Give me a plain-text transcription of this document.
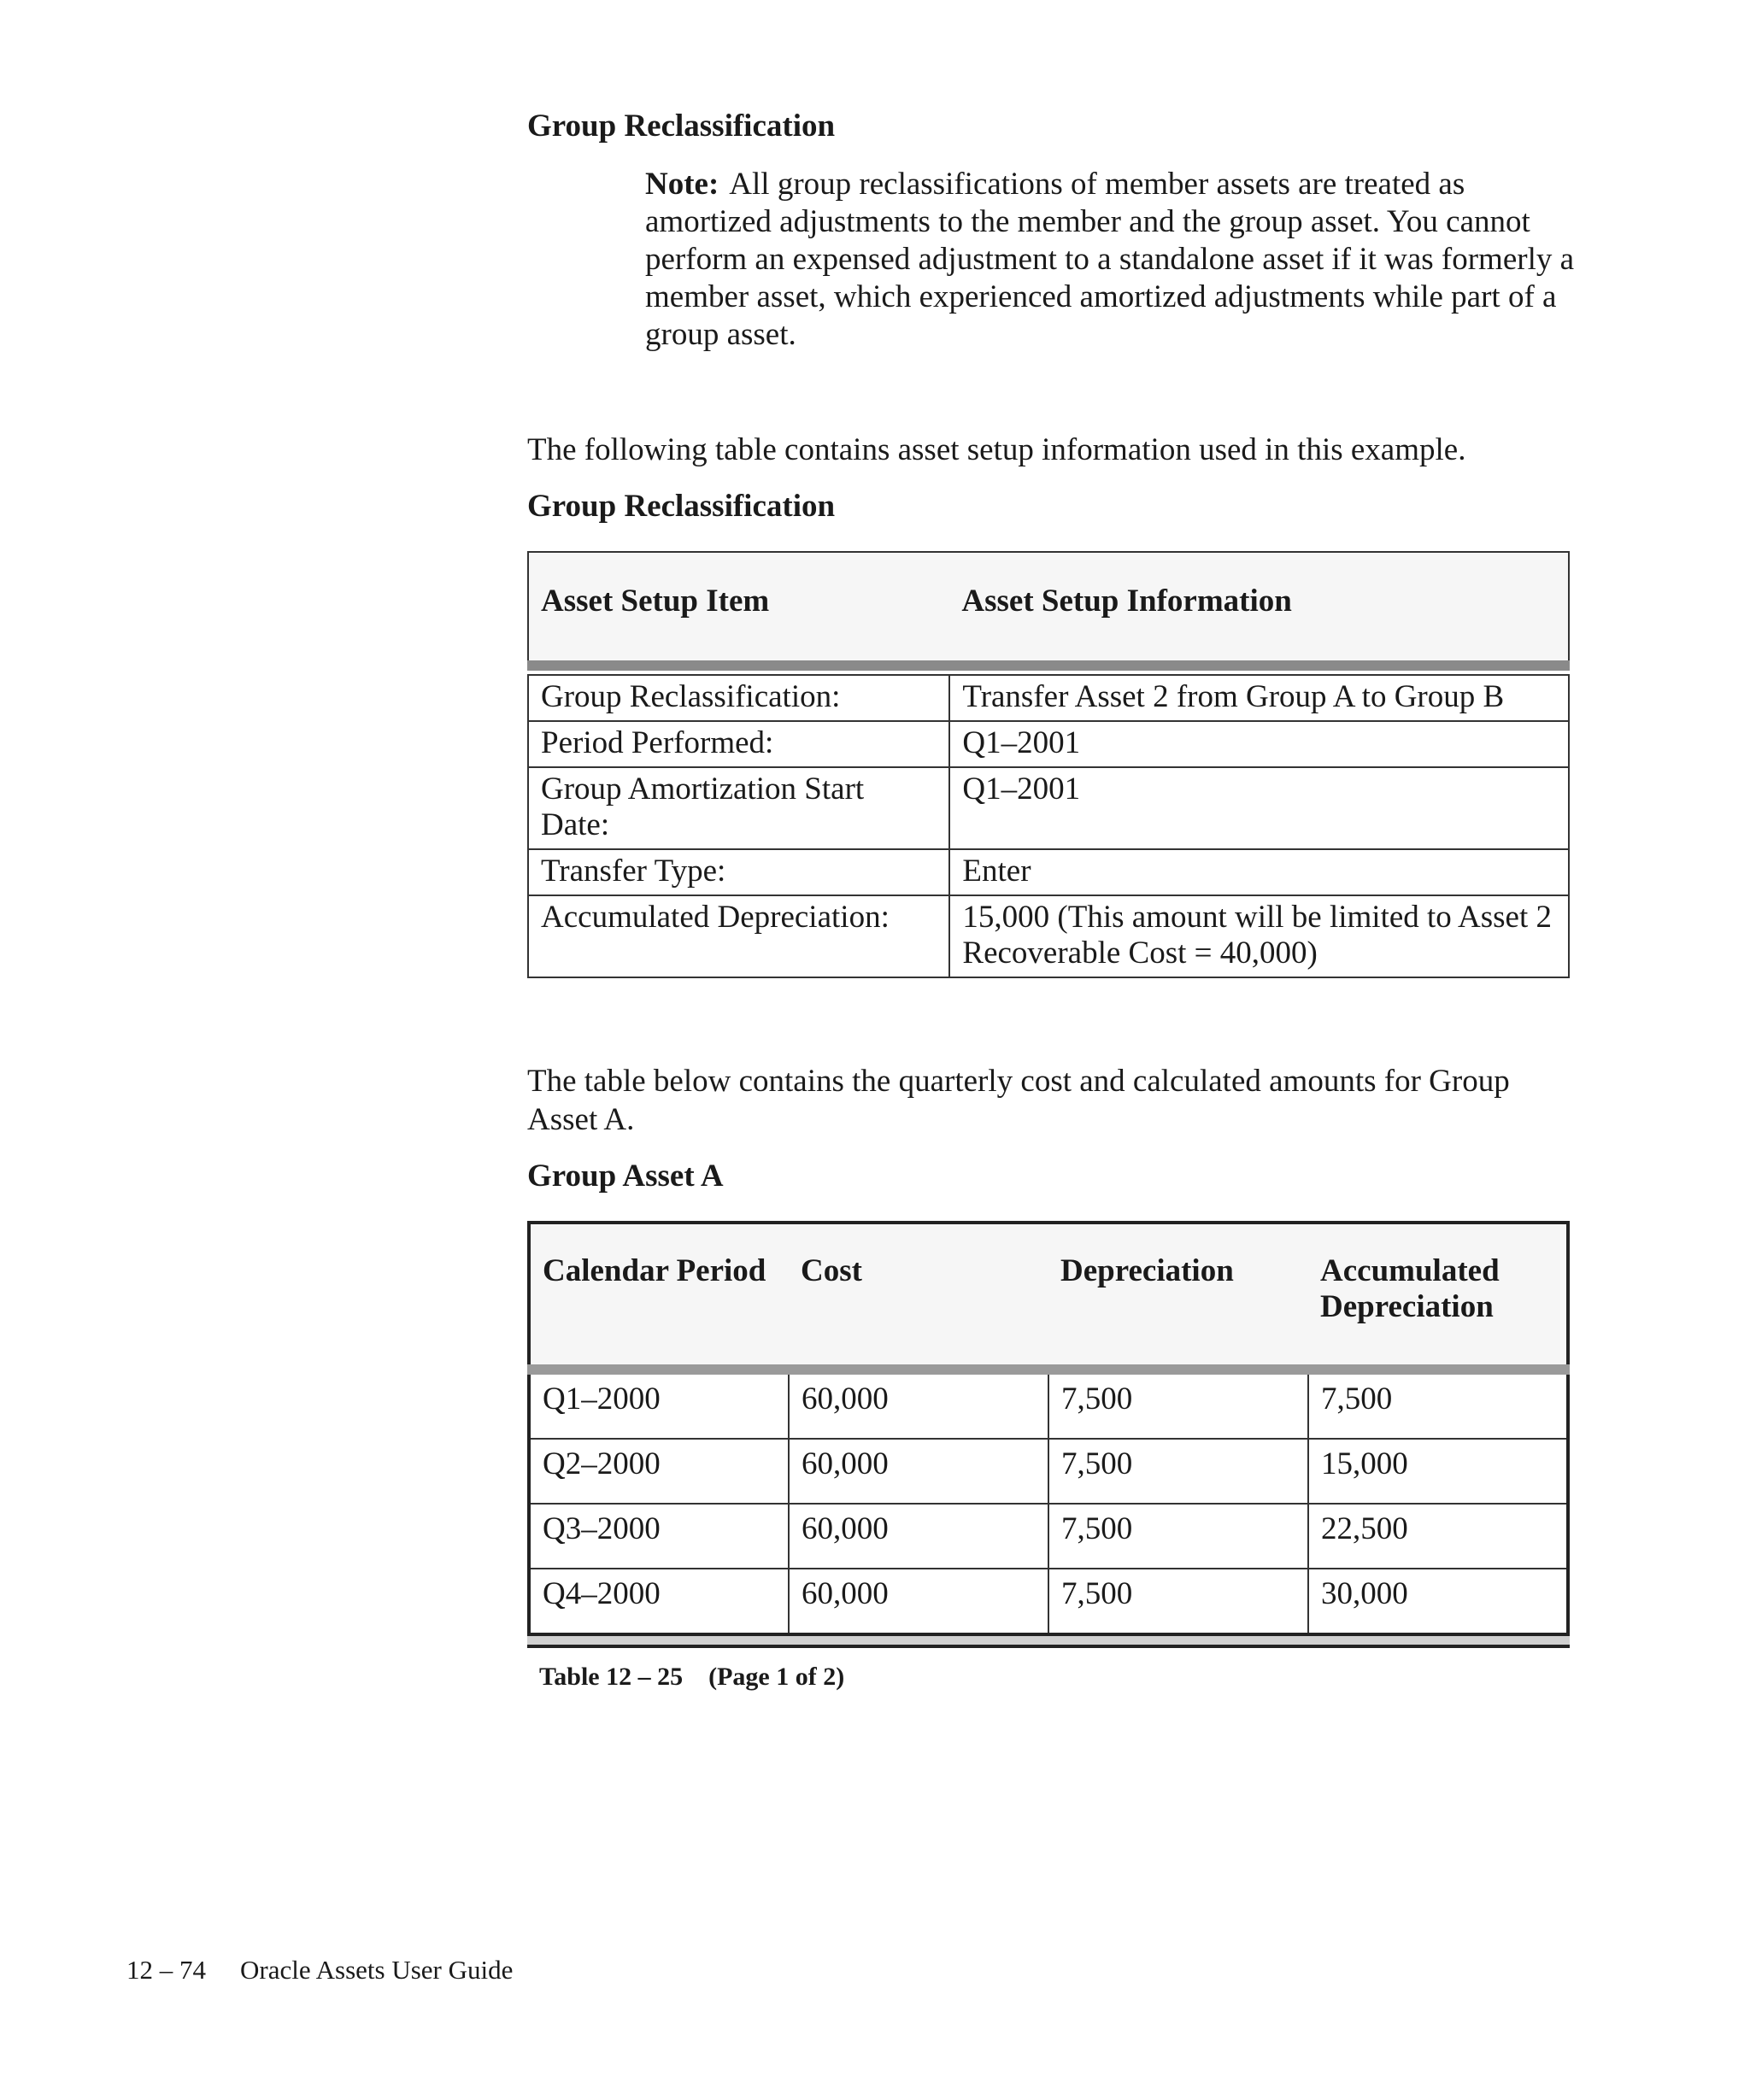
Group Reclassification
Note: All group reclassifications of member assets are treated as amortized adjustments to the member and the group asset. You cannot perform an expensed adjustment to a standalone asset if it was formerly a member asset, which experienced amortized adjustments while part of a group asset.

The following table contains asset setup information used in this example.

Group Reclassification
Asset Setup Item	Asset Setup Information

Group Reclassification:	Transfer Asset 2 from Group A to Group B
Period Performed:	Q1–2001
Group Amortization Start Date:	Q1–2001
Transfer Type:	Enter
Accumulated Depreciation:	15,000 (This amount will be limited to Asset 2 Recoverable Cost = 40,000)

The table below contains the quarterly cost and calculated amounts for Group Asset A.

Group Asset A
Calendar Period	Cost	Depreciation	Accumulated Depreciation
Q1–2000	60,000	7,500	7,500
Q2–2000	60,000	7,500	15,000
Q3–2000	60,000	7,500	22,500
Q4–2000	60,000	7,500	30,000
Table 12 – 25 (Page 1 of 2)
12 – 74 Oracle Assets User Guide
